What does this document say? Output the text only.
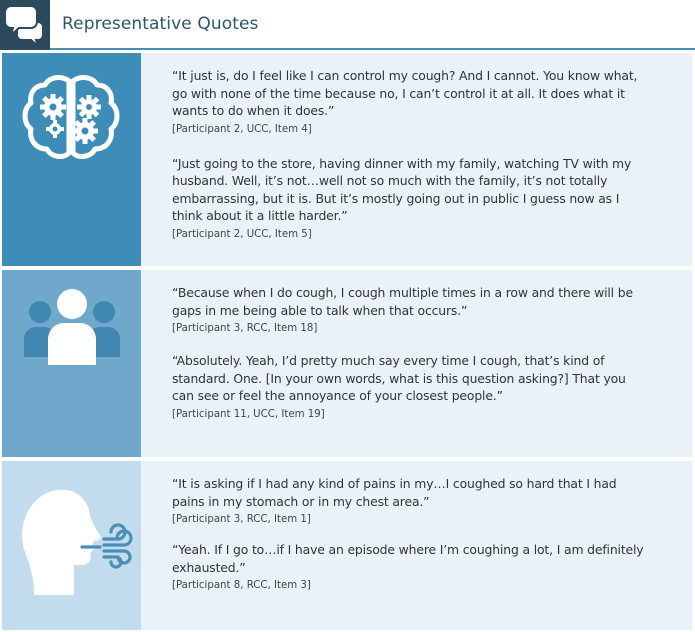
Representative Quotes

“It just is, do I feel like I can control my cough? And I cannot. You know what,
go with none of the time because no, I can’t control it at all. It does what it
wants to do when it does.”

[Participant 2, UCC, Item 4]

“Just going to the store, having dinner with my family, watching TV with my
husband. Well, it’s not…well not so much with the family, it’s not totally
embarrassing, but it is. But it’s mostly going out in public I guess now as I
think about it a little harder.”

[Participant 2, UCC, Item 5]

“Because when I do cough, I cough multiple times in a row and there will be
gaps in me being able to talk when that occurs.”

[Participant 3, RCC, Item 18]

“Absolutely. Yeah, I’d pretty much say every time I cough, that’s kind of
standard. One. [In your own words, what is this question asking?] That you
can see or feel the annoyance of your closest people.”

[Participant 11, UCC, Item 19]

“It is asking if I had any kind of pains in my…I coughed so hard that I had
pains in my stomach or in my chest area.”

[Participant 3, RCC, Item 1]

“Yeah. If I go to…if I have an episode where I’m coughing a lot, I am definitely
exhausted.”

[Participant 8, RCC, Item 3]
